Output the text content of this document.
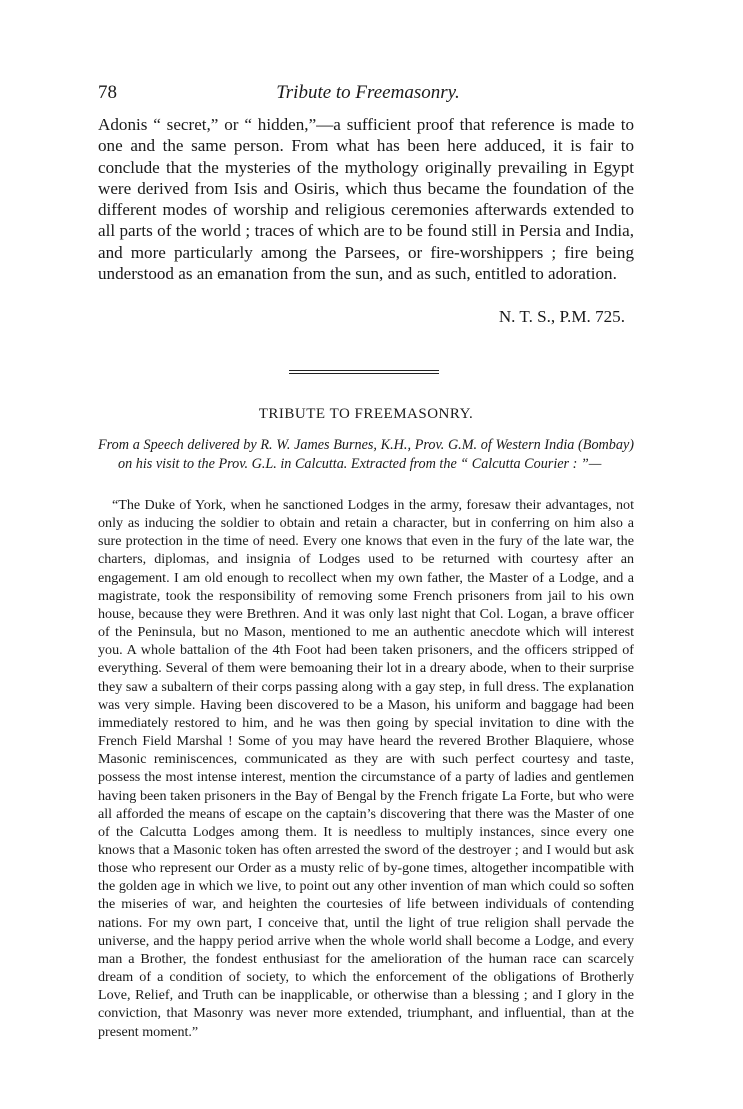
78	Tribute to Freemasonry.

Adonis “ secret,” or “ hidden,”—a sufficient proof that reference is made to one and the same person. From what has been here adduced, it is fair to conclude that the mysteries of the mythology originally prevailing in Egypt were derived from Isis and Osiris, which thus became the foundation of the different modes of worship and religious ceremonies afterwards extended to all parts of the world ; traces of which are to be found still in Persia and India, and more particularly among the Parsees, or fire-worshippers ; fire being understood as an emanation from the sun, and as such, entitled to adoration.

N. T. S., P.M. 725.

TRIBUTE TO FREEMASONRY.

From a Speech delivered by R. W. James Burnes, K.H., Prov. G.M. of Western India (Bombay) on his visit to the Prov. G.L. in Calcutta. Extracted from the “ Calcutta Courier : ”—

“The Duke of York, when he sanctioned Lodges in the army, foresaw their advantages, not only as inducing the soldier to obtain and retain a character, but in conferring on him also a sure protection in the time of need. Every one knows that even in the fury of the late war, the charters, diplomas, and insignia of Lodges used to be returned with courtesy after an engagement. I am old enough to recollect when my own father, the Master of a Lodge, and a magistrate, took the responsibility of removing some French prisoners from jail to his own house, because they were Brethren. And it was only last night that Col. Logan, a brave officer of the Peninsula, but no Mason, mentioned to me an authentic anecdote which will interest you. A whole battalion of the 4th Foot had been taken prisoners, and the officers stripped of everything. Several of them were bemoaning their lot in a dreary abode, when to their surprise they saw a subaltern of their corps passing along with a gay step, in full dress. The explanation was very simple. Having been discovered to be a Mason, his uniform and baggage had been immediately restored to him, and he was then going by special invitation to dine with the French Field Marshal ! Some of you may have heard the revered Brother Blaquiere, whose Masonic reminiscences, communicated as they are with such perfect courtesy and taste, possess the most intense interest, mention the circumstance of a party of ladies and gentlemen having been taken prisoners in the Bay of Bengal by the French frigate La Forte, but who were all afforded the means of escape on the captain’s discovering that there was the Master of one of the Calcutta Lodges among them. It is needless to multiply instances, since every one knows that a Masonic token has often arrested the sword of the destroyer ; and I would but ask those who represent our Order as a musty relic of by-gone times, altogether incompatible with the golden age in which we live, to point out any other invention of man which could so soften the miseries of war, and heighten the courtesies of life between individuals of contending nations. For my own part, I conceive that, until the light of true religion shall pervade the universe, and the happy period arrive when the whole world shall become a Lodge, and every man a Brother, the fondest enthusiast for the amelioration of the human race can scarcely dream of a condition of society, to which the enforcement of the obligations of Brotherly Love, Relief, and Truth can be inapplicable, or otherwise than a blessing ; and I glory in the conviction, that Masonry was never more extended, triumphant, and influential, than at the present moment.”
